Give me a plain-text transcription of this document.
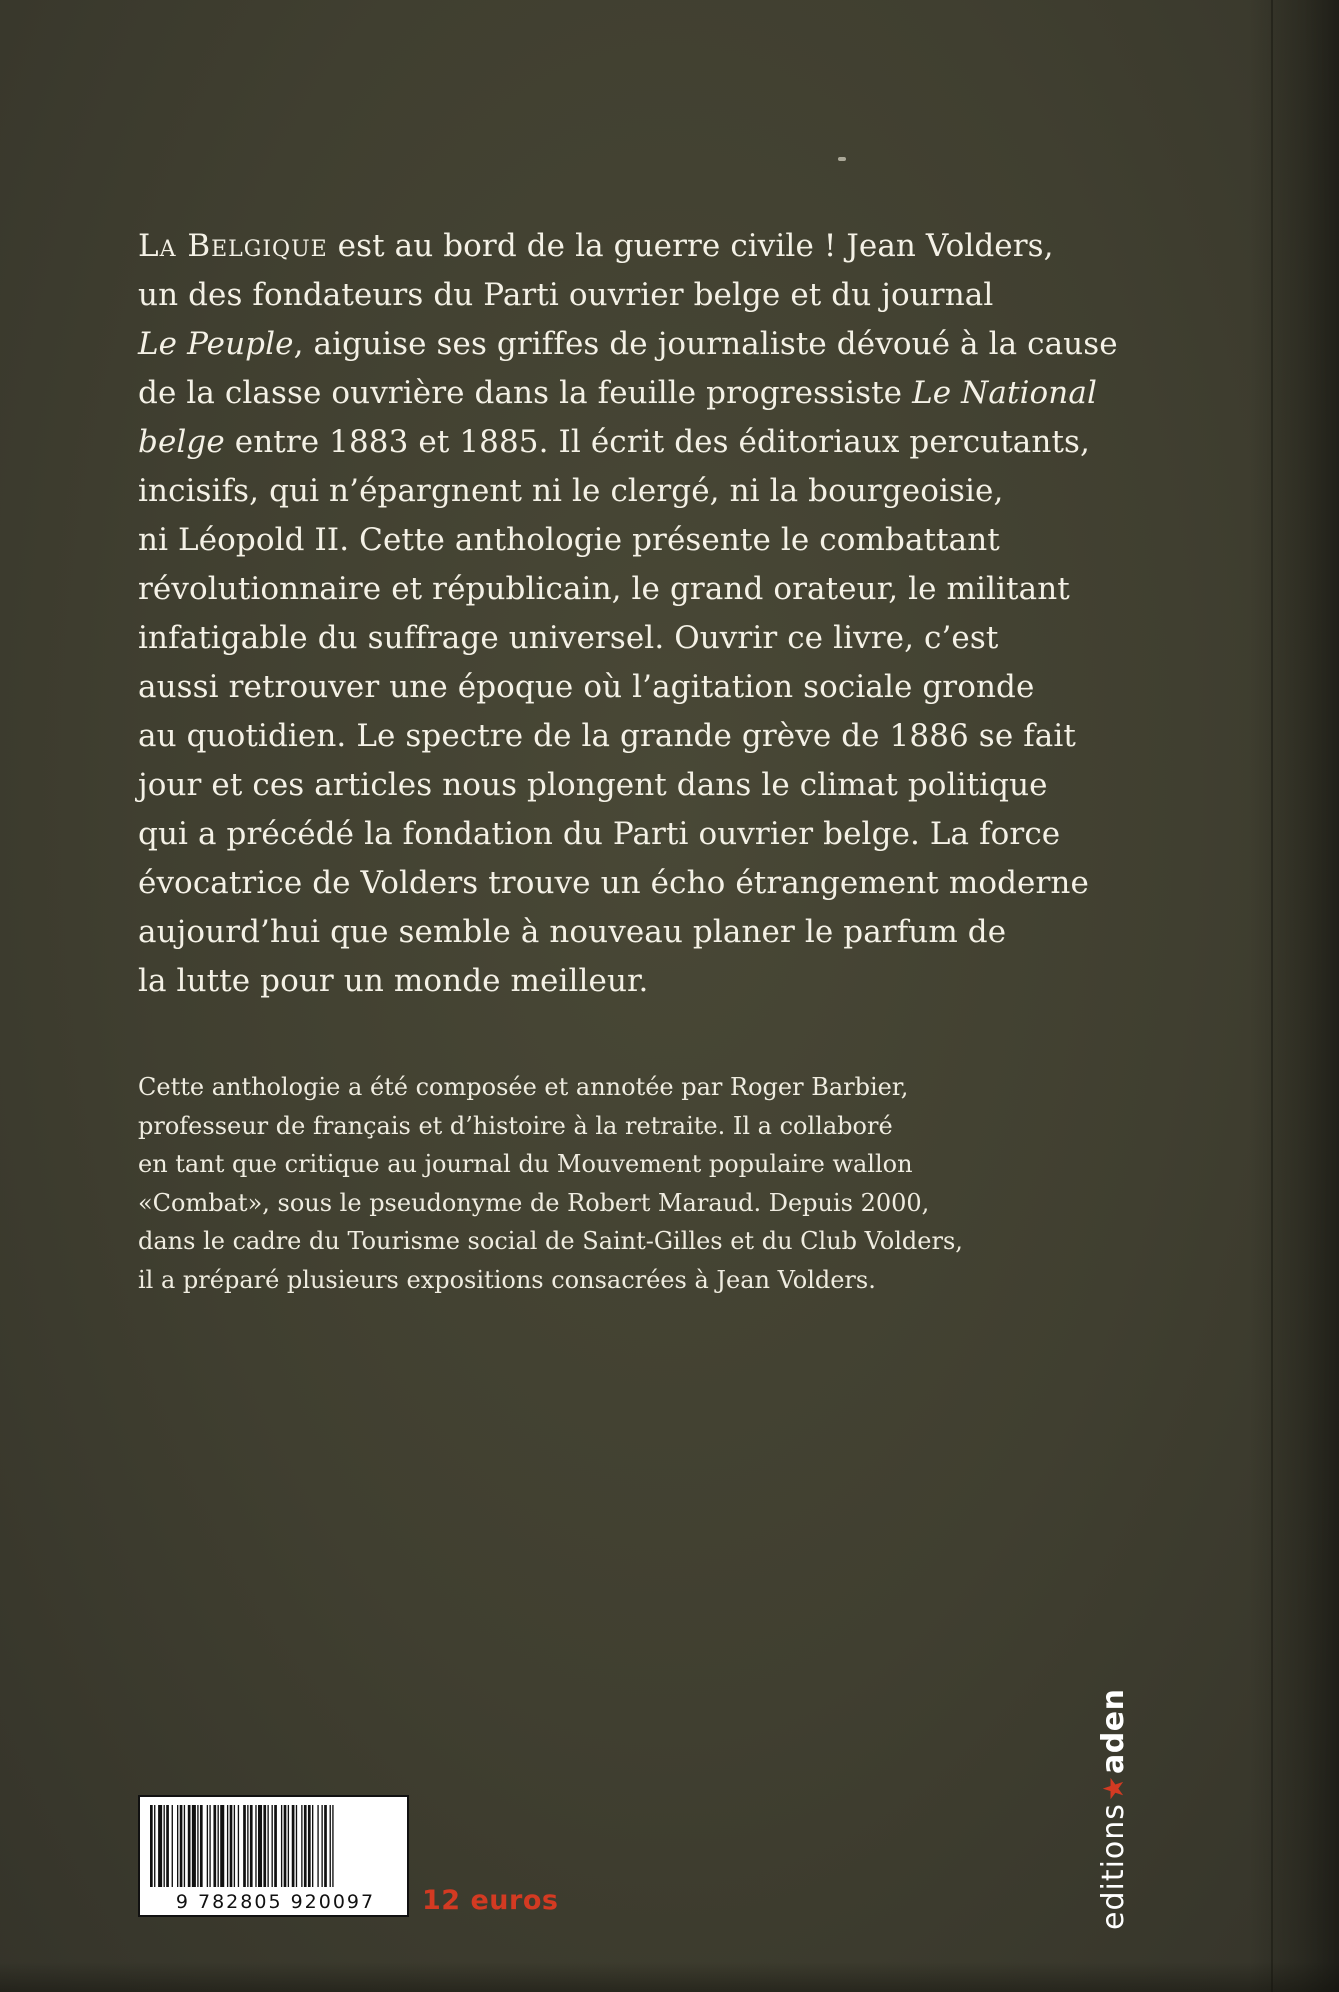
La Belgique est au bord de la guerre civile ! Jean Volders,
un des fondateurs du Parti ouvrier belge et du journal
Le Peuple, aiguise ses griffes de journaliste dévoué à la cause
de la classe ouvrière dans la feuille progressiste Le National
belge entre 1883 et 1885. Il écrit des éditoriaux percutants,
incisifs, qui n’épargnent ni le clergé, ni la bourgeoisie,
ni Léopold II. Cette anthologie présente le combattant
révolutionnaire et républicain, le grand orateur, le militant
infatigable du suffrage universel. Ouvrir ce livre, c’est
aussi retrouver une époque où l’agitation sociale gronde
au quotidien. Le spectre de la grande grève de 1886 se fait
jour et ces articles nous plongent dans le climat politique
qui a précédé la fondation du Parti ouvrier belge. La force
évocatrice de Volders trouve un écho étrangement moderne
aujourd’hui que semble à nouveau planer le parfum de
la lutte pour un monde meilleur.
Cette anthologie a été composée et annotée par Roger Barbier,
professeur de français et d’histoire à la retraite. Il a collaboré
en tant que critique au journal du Mouvement populaire wallon
«Combat», sous le pseudonyme de Robert Maraud. Depuis 2000,
dans le cadre du Tourisme social de Saint-Gilles et du Club Volders,
il a préparé plusieurs expositions consacrées à Jean Volders.
9 782805 920097	12 euros	editions★aden
